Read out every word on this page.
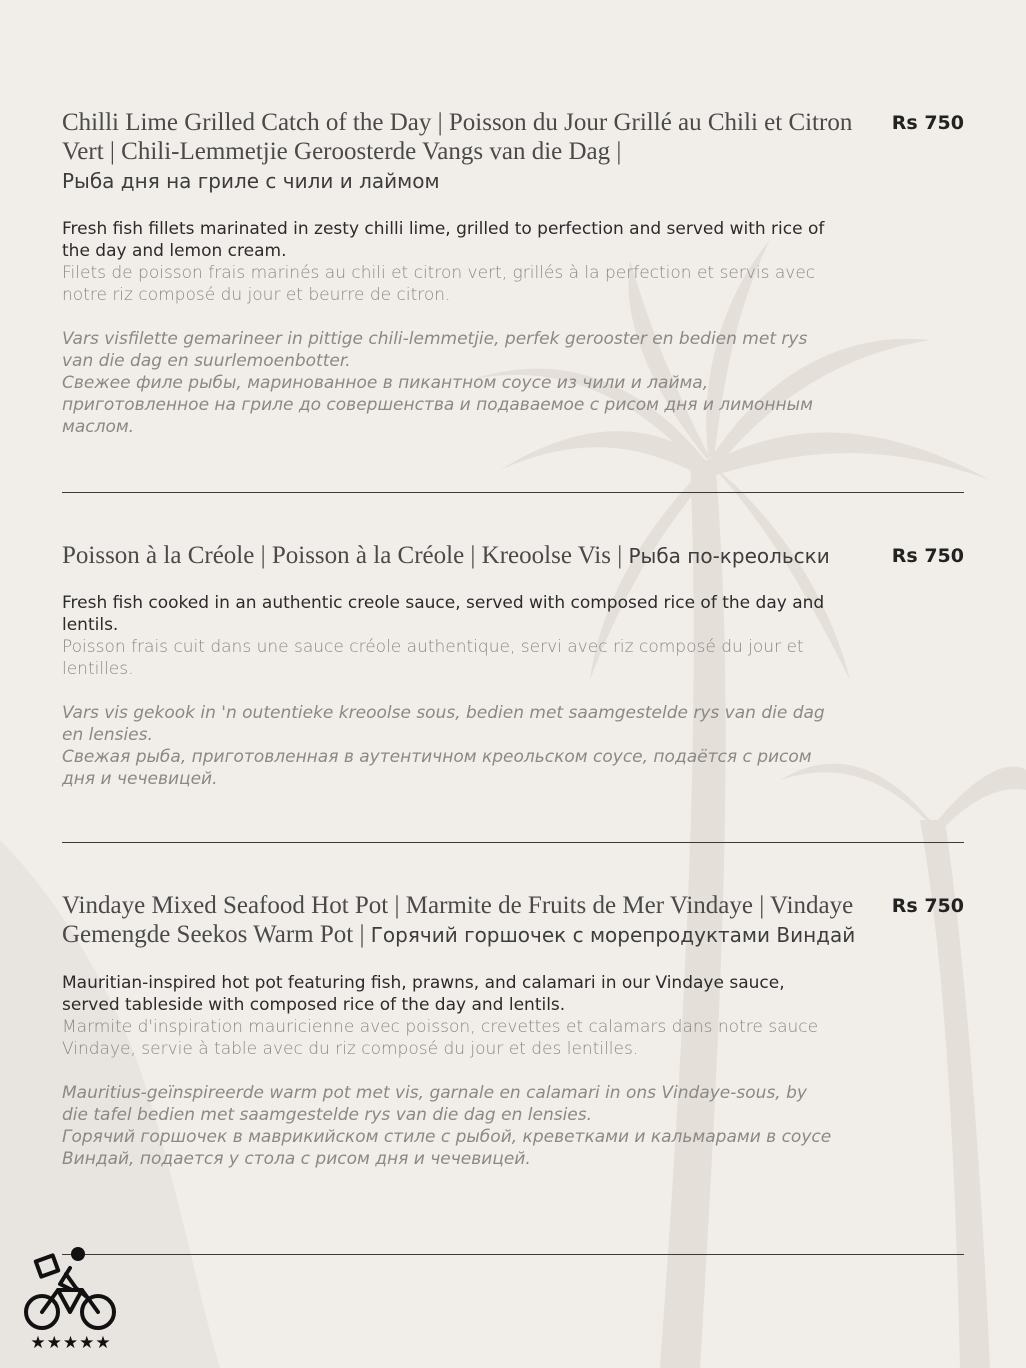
Chilli Lime Grilled Catch of the Day | Poisson du Jour Grillé au Chili et Citron Vert | Chili-Lemmetjie Geroosterde Vangs van die Dag |
Рыба дня на гриле с чили и лаймом

Rs 750
Fresh fish fillets marinated in zesty chilli lime, grilled to perfection and served with rice of the day and lemon cream.
Filets de poisson frais marinés au chili et citron vert, grillés à la perfection et servis avec notre riz composé du jour et beurre de citron.
Vars visfilette gemarineer in pittige chili-lemmetjie, perfek gerooster en bedien met rys van die dag en suurlemoenbotter.
Свежее филе рыбы, маринованное в пикантном соусе из чили и лайма, приготовленное на гриле до совершенства и подаваемое с рисом дня и лимонным маслом.

Poisson à la Créole | Poisson à la Créole | Kreoolse Vis | Рыба по-креольски	Rs 750
Fresh fish cooked in an authentic creole sauce, served with composed rice of the day and lentils.
Poisson frais cuit dans une sauce créole authentique, servi avec riz composé du jour et lentilles.
Vars vis gekook in 'n outentieke kreoolse sous, bedien met saamgestelde rys van die dag en lensies.
Свежая рыба, приготовленная в аутентичном креольском соусе, подаётся с рисом дня и чечевицей.

Vindaye Mixed Seafood Hot Pot | Marmite de Fruits de Mer Vindaye | Vindaye Gemengde Seekos Warm Pot | Горячий горшочек с морепродуктами Виндай

Rs 750
Mauritian-inspired hot pot featuring fish, prawns, and calamari in our Vindaye sauce, served tableside with composed rice of the day and lentils.
Marmite d'inspiration mauricienne avec poisson, crevettes et calamars dans notre sauce Vindaye, servie à table avec du riz composé du jour et des lentilles.
Mauritius-geïnspireerde warm pot met vis, garnale en calamari in ons Vindaye-sous, by die tafel bedien met saamgestelde rys van die dag en lensies.
Горячий горшочек в маврикийском стиле с рыбой, креветками и кальмарами в соусе Виндай, подается у стола с рисом дня и чечевицей.
★★★★★
